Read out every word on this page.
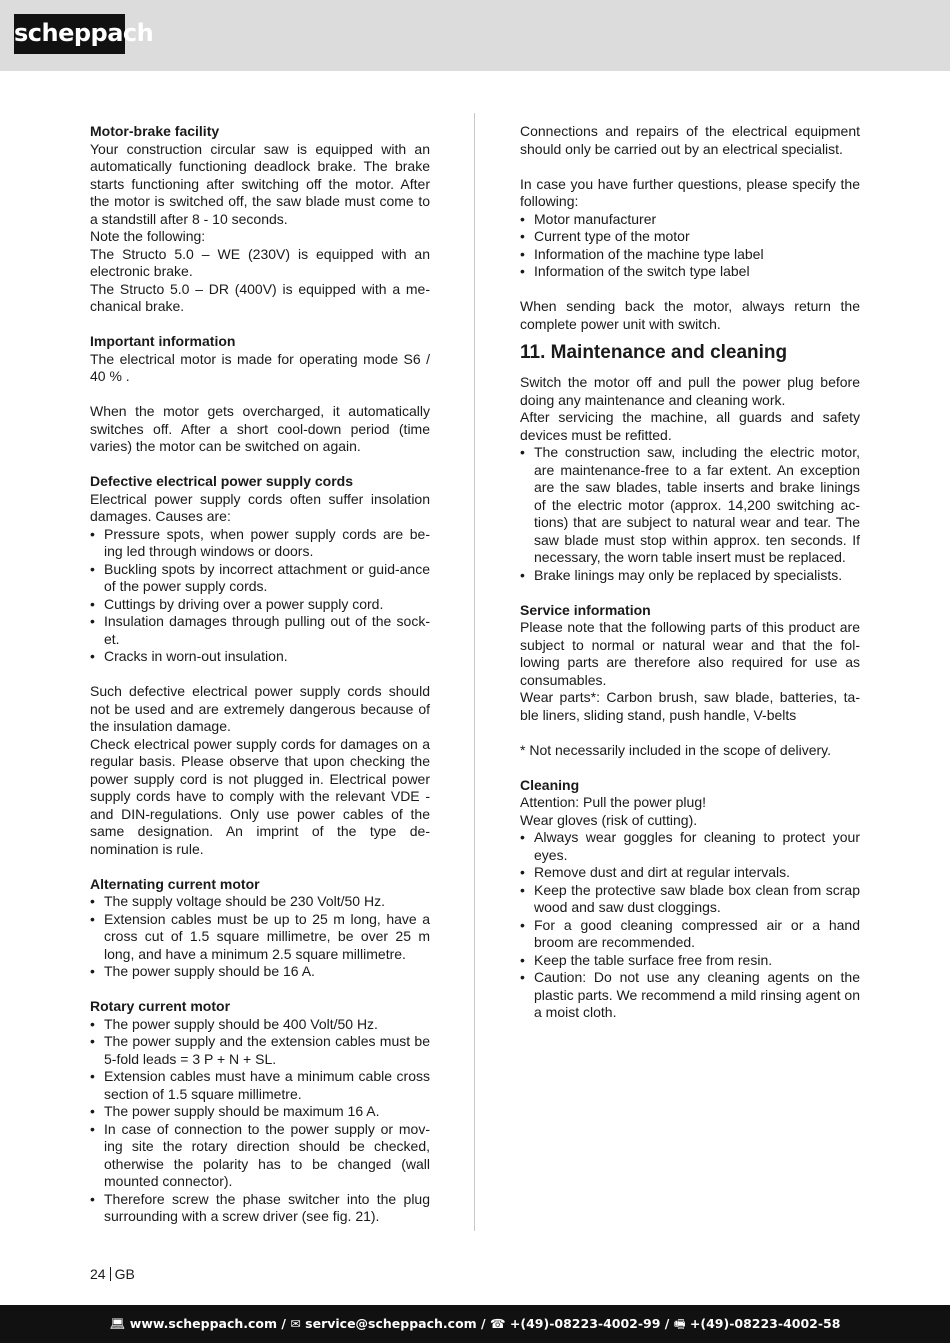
scheppach
Motor-brake facility
Your construction circular saw is equipped with an automatically functioning deadlock brake. The brake starts functioning after switching off the motor. After the motor is switched off, the saw blade must come to a standstill after 8 - 10 seconds.
Note the following:
The Structo 5.0 – WE (230V) is equipped with an electronic brake.
The Structo 5.0 – DR (400V) is equipped with a me-chanical brake.
Important information
The electrical motor is made for operating mode S6 / 40 % .
When the motor gets overcharged, it automatically switches off. After a short cool-down period (time varies) the motor can be switched on again.
Defective electrical power supply cords
Electrical power supply cords often suffer insolation damages. Causes are:
• Pressure spots, when power supply cords are be-ing led through windows or doors.
• Buckling spots by incorrect attachment or guid-ance of the power supply cords.
• Cuttings by driving over a power supply cord.
• Insulation damages through pulling out of the sock-et.
• Cracks in worn-out insulation.
Such defective electrical power supply cords should not be used and are extremely dangerous because of the insulation damage.
Check electrical power supply cords for damages on a regular basis. Please observe that upon checking the power supply cord is not plugged in. Electrical power supply cords have to comply with the relevant VDE - and DIN-regulations. Only use power cables of the same designation. An imprint of the type de-nomination is rule.
Alternating current motor
• The supply voltage should be 230 Volt/50 Hz.
• Extension cables must be up to 25 m long, have a cross cut of 1.5 square millimetre, be over 25 m long, and have a minimum 2.5 square millimetre.
• The power supply should be 16 A.
Rotary current motor
• The power supply should be 400 Volt/50 Hz.
• The power supply and the extension cables must be 5-fold leads = 3 P + N + SL.
• Extension cables must have a minimum cable cross section of 1.5 square millimetre.
• The power supply should be maximum 16 A.
• In case of connection to the power supply or mov-ing site the rotary direction should be checked, otherwise the polarity has to be changed (wall mounted connector).
• Therefore screw the phase switcher into the plug surrounding with a screw driver (see fig. 21).
Connections and repairs of the electrical equipment should only be carried out by an electrical specialist.
In case you have further questions, please specify the following:
• Motor manufacturer
• Current type of the motor
• Information of the machine type label
• Information of the switch type label
When sending back the motor, always return the complete power unit with switch.
11. Maintenance and cleaning
Switch the motor off and pull the power plug before doing any maintenance and cleaning work.
After servicing the machine, all guards and safety devices must be refitted.
• The construction saw, including the electric motor, are maintenance-free to a far extent. An exception are the saw blades, table inserts and brake linings of the electric motor (approx. 14,200 switching ac-tions) that are subject to natural wear and tear. The saw blade must stop within approx. ten seconds. If necessary, the worn table insert must be replaced.
• Brake linings may only be replaced by specialists.
Service information
Please note that the following parts of this product are subject to normal or natural wear and that the fol-lowing parts are therefore also required for use as consumables.
Wear parts*: Carbon brush, saw blade, batteries, ta-ble liners, sliding stand, push handle, V-belts
* Not necessarily included in the scope of delivery.
Cleaning
Attention: Pull the power plug!
Wear gloves (risk of cutting).
• Always wear goggles for cleaning to protect your eyes.
• Remove dust and dirt at regular intervals.
• Keep the protective saw blade box clean from scrap wood and saw dust cloggings.
• For a good cleaning compressed air or a hand broom are recommended.
• Keep the table surface free from resin.
• Caution: Do not use any cleaning agents on the plastic parts. We recommend a mild rinsing agent on a moist cloth.
24 GB
💻︎ www.scheppach.com / ✉︎ service@scheppach.com / ☎︎ +(49)-08223-4002-99 / 🖷︎ +(49)-08223-4002-58
